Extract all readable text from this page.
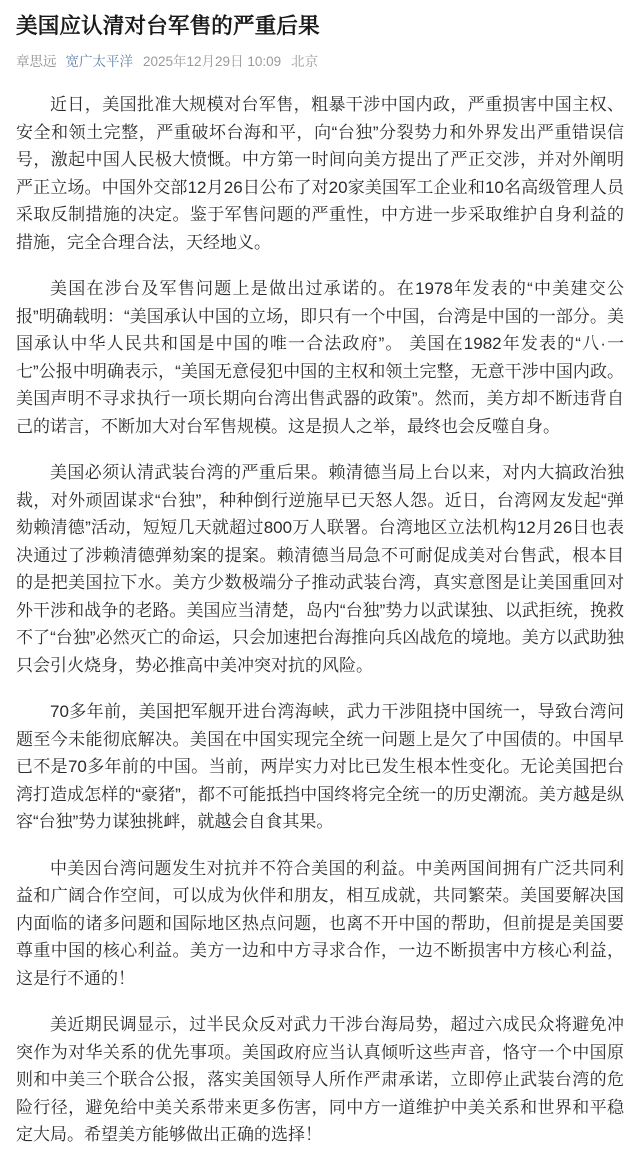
美国应认清对台军售的严重后果
章思远 宽广太平洋 2025年12月29日 10:09 北京

近日，美国批准大规模对台军售，粗暴干涉中国内政，严重损害中国主权、安全和领土完整，严重破坏台海和平，向“台独”分裂势力和外界发出严重错误信号，激起中国人民极大愤慨。中方第一时间向美方提出了严正交涉，并对外阐明严正立场。中国外交部12月26日公布了对20家美国军工企业和10名高级管理人员采取反制措施的决定。鉴于军售问题的严重性，中方进一步采取维护自身利益的措施，完全合理合法，天经地义。

美国在涉台及军售问题上是做出过承诺的。在1978年发表的“中美建交公报”明确载明：“美国承认中国的立场，即只有一个中国，台湾是中国的一部分。美国承认中华人民共和国是中国的唯一合法政府”。 美国在1982年发表的“八·一七”公报中明确表示，“美国无意侵犯中国的主权和领土完整，无意干涉中国内政。美国声明不寻求执行一项长期向台湾出售武器的政策”。然而，美方却不断违背自己的诺言，不断加大对台军售规模。这是损人之举，最终也会反噬自身。

美国必须认清武装台湾的严重后果。赖清德当局上台以来，对内大搞政治独裁，对外顽固谋求“台独”，种种倒行逆施早已天怒人怨。近日，台湾网友发起“弹劾赖清德”活动，短短几天就超过800万人联署。台湾地区立法机构12月26日也表决通过了涉赖清德弹劾案的提案。赖清德当局急不可耐促成美对台售武，根本目的是把美国拉下水。美方少数极端分子推动武装台湾，真实意图是让美国重回对外干涉和战争的老路。美国应当清楚，岛内“台独”势力以武谋独、以武拒统，挽救不了“台独”必然灭亡的命运，只会加速把台海推向兵凶战危的境地。美方以武助独只会引火烧身，势必推高中美冲突对抗的风险。

70多年前，美国把军舰开进台湾海峡，武力干涉阻挠中国统一，导致台湾问题至今未能彻底解决。美国在中国实现完全统一问题上是欠了中国债的。中国早已不是70多年前的中国。当前，两岸实力对比已发生根本性变化。无论美国把台湾打造成怎样的“豪猪”，都不可能抵挡中国终将完全统一的历史潮流。美方越是纵容“台独”势力谋独挑衅，就越会自食其果。

中美因台湾问题发生对抗并不符合美国的利益。中美两国间拥有广泛共同利益和广阔合作空间，可以成为伙伴和朋友，相互成就，共同繁荣。美国要解决国内面临的诸多问题和国际地区热点问题，也离不开中国的帮助，但前提是美国要尊重中国的核心利益。美方一边和中方寻求合作，一边不断损害中方核心利益，这是行不通的！

美近期民调显示，过半民众反对武力干涉台海局势，超过六成民众将避免冲突作为对华关系的优先事项。美国政府应当认真倾听这些声音，恪守一个中国原则和中美三个联合公报，落实美国领导人所作严肃承诺，立即停止武装台湾的危险行径，避免给中美关系带来更多伤害，同中方一道维护中美关系和世界和平稳定大局。希望美方能够做出正确的选择！
